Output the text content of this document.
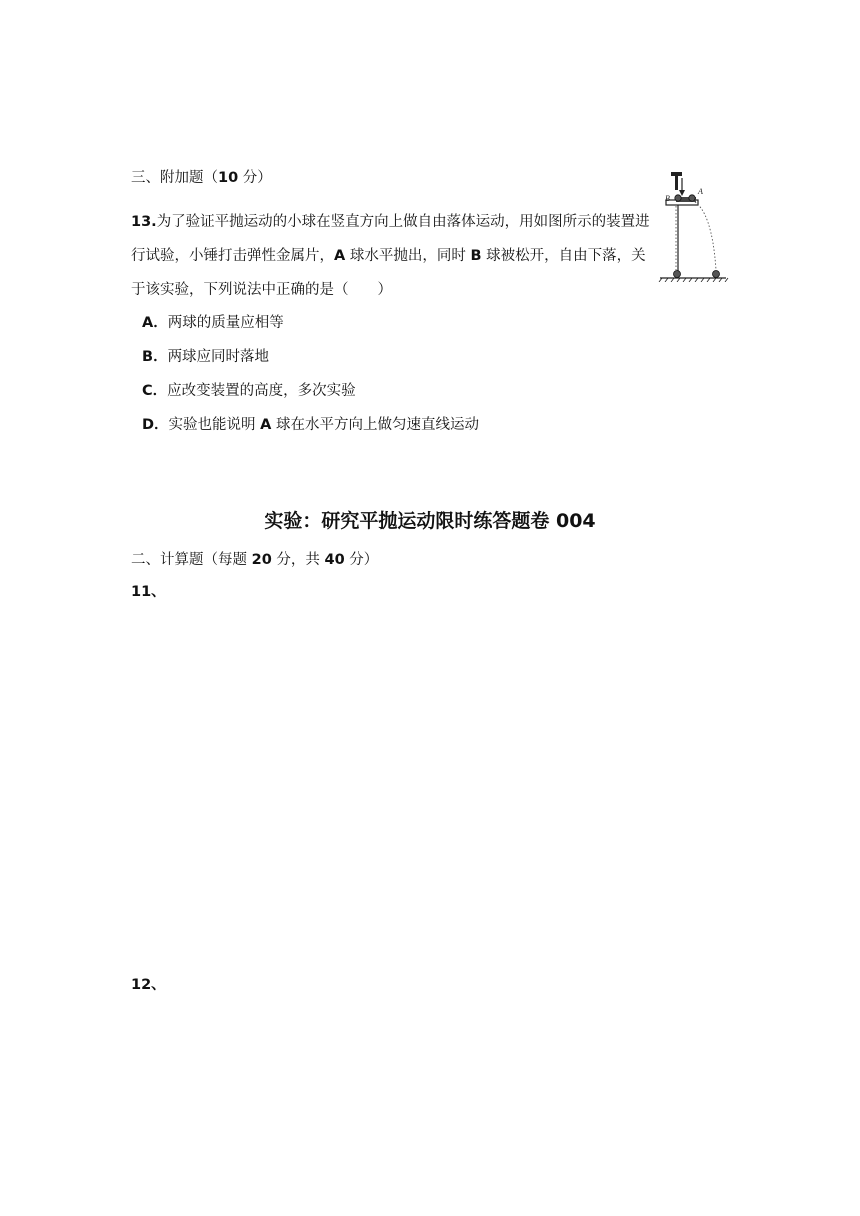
三、附加题（10 分）
13.为了验证平抛运动的小球在竖直方向上做自由落体运动，用如图所示的装置进行试验，小锤打击弹性金属片，A 球水平抛出，同时 B 球被松开，自由下落，关于该实验，下列说法中正确的是（　　）
A．两球的质量应相等
B．两球应同时落地
C．应改变装置的高度，多次实验
D．实验也能说明 A 球在水平方向上做匀速直线运动
B
A
实验：研究平抛运动限时练答题卷 004
二、计算题（每题 20 分，共 40 分）
11、
12、
